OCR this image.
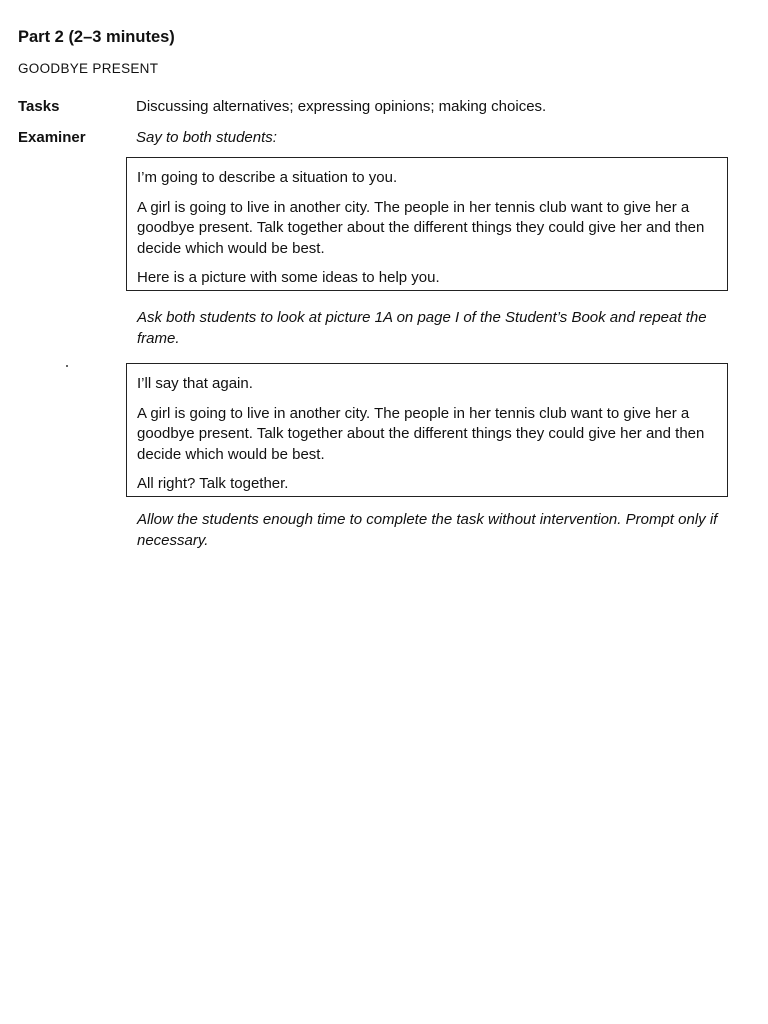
Part 2 (2–3 minutes)
GOODBYE PRESENT
Tasks	Discussing alternatives; expressing opinions; making choices.
Examiner	Say to both students:

I’m going to describe a situation to you.

A girl is going to live in another city. The people in her tennis club want to give her a goodbye present. Talk together about the different things they could give her and then decide which would be best.

Here is a picture with some ideas to help you.

Ask both students to look at picture 1A on page I of the Student’s Book and repeat the frame.

I’ll say that again.

A girl is going to live in another city. The people in her tennis club want to give her a goodbye present. Talk together about the different things they could give her and then decide which would be best.

All right? Talk together.

Allow the students enough time to complete the task without intervention. Prompt only if necessary.
